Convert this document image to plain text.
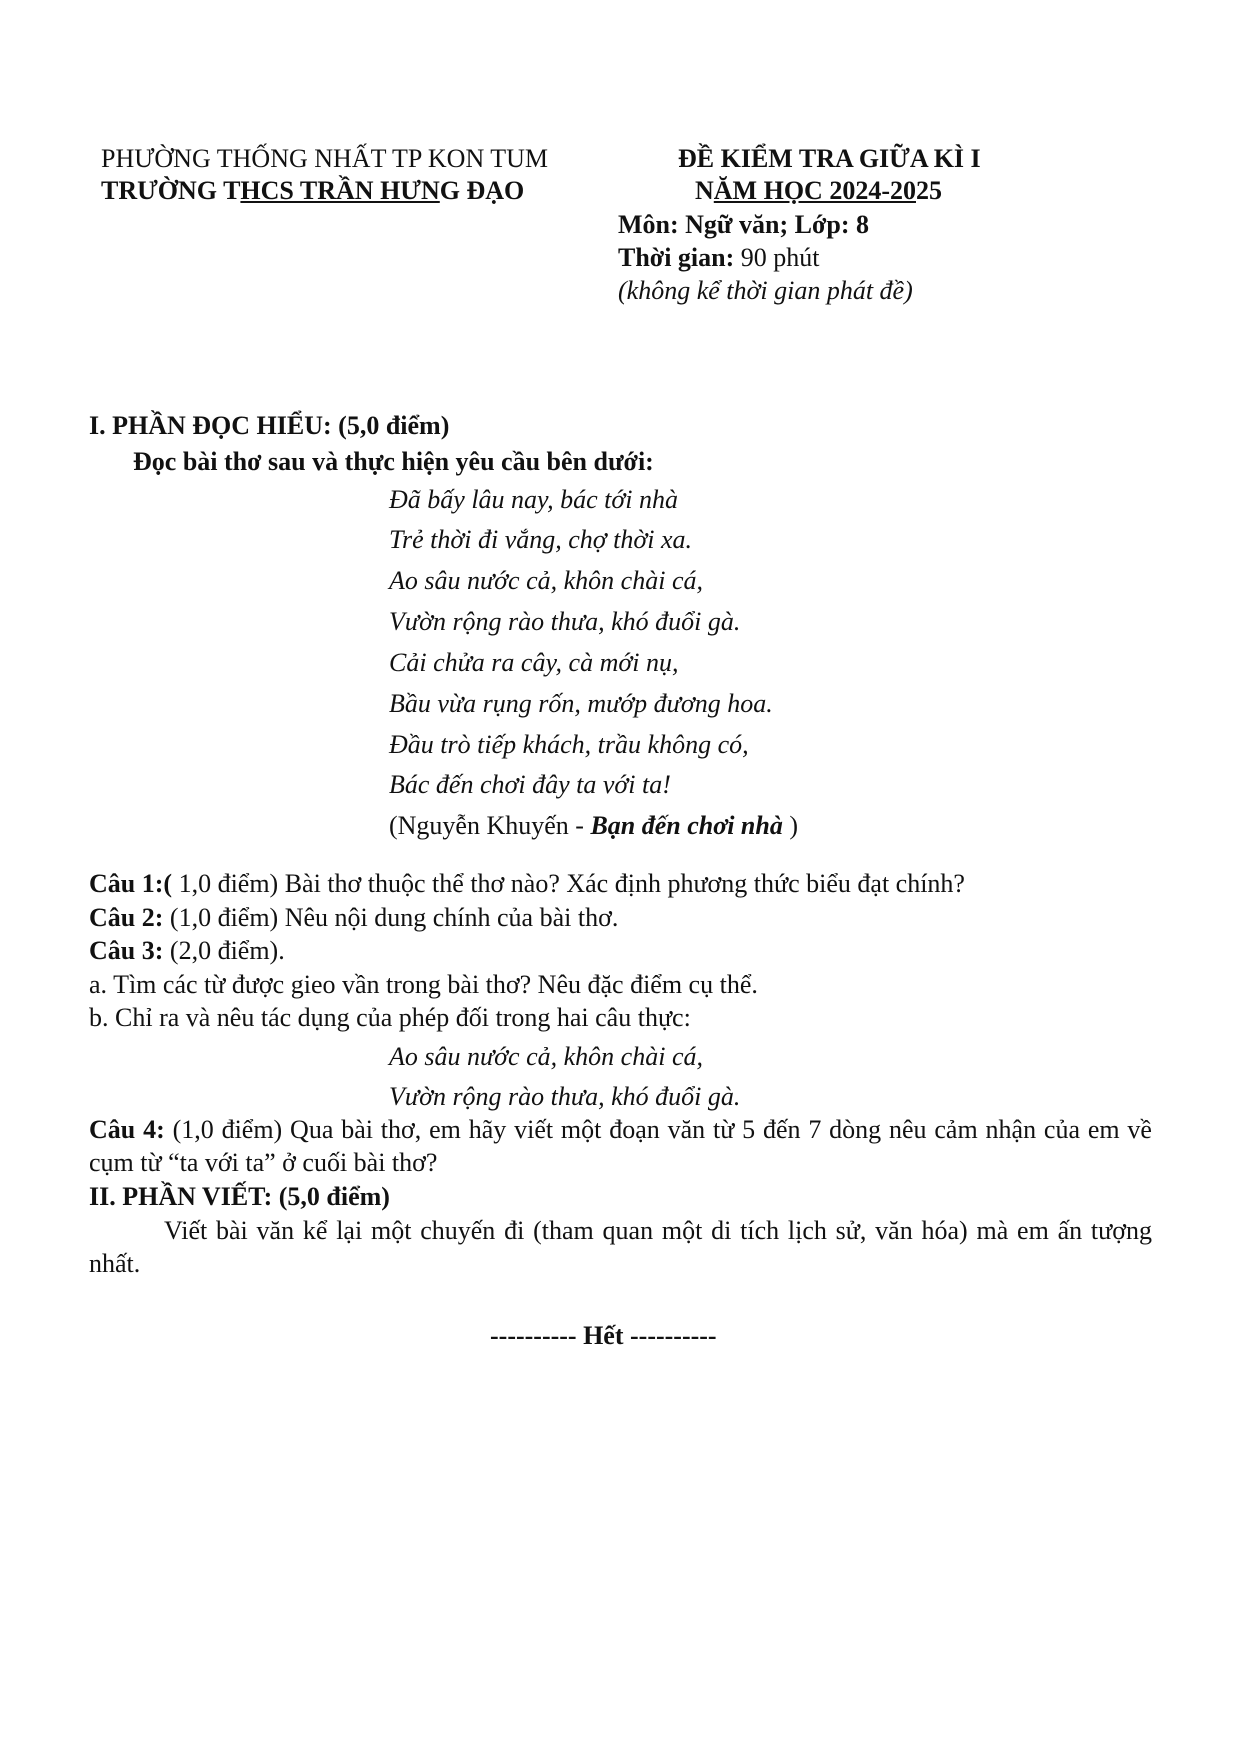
PHƯỜNG THỐNG NHẤT TP KON TUM
TRƯỜNG THCS TRẦN HƯNG ĐẠO
ĐỀ KIỂM TRA GIỮA KÌ I
NĂM HỌC 2024-2025
Môn: Ngữ văn; Lớp: 8
Thời gian: 90 phút
(không kể thời gian phát đề)
I. PHẦN ĐỌC HIỂU: (5,0 điểm)
Đọc bài thơ sau và thực hiện yêu cầu bên dưới:
Đã bấy lâu nay, bác tới nhà
Trẻ thời đi vắng, chợ thời xa.
Ao sâu nước cả, khôn chài cá,
Vườn rộng rào thưa, khó đuổi gà.
Cải chửa ra cây, cà mới nụ,
Bầu vừa rụng rốn, mướp đương hoa.
Đầu trò tiếp khách, trầu không có,
Bác đến chơi đây ta với ta!
(Nguyễn Khuyến - Bạn đến chơi nhà )
Câu 1:( 1,0 điểm) Bài thơ thuộc thể thơ nào? Xác định phương thức biểu đạt chính?
Câu 2: (1,0 điểm) Nêu nội dung chính của bài thơ.
Câu 3: (2,0 điểm).
a. Tìm các từ được gieo vần trong bài thơ? Nêu đặc điểm cụ thể.
b. Chỉ ra và nêu tác dụng của phép đối trong hai câu thực:
Ao sâu nước cả, khôn chài cá,
Vườn rộng rào thưa, khó đuổi gà.
Câu 4: (1,0 điểm) Qua bài thơ, em hãy viết một đoạn văn từ 5 đến 7 dòng nêu cảm nhận của em về cụm từ “ta với ta” ở cuối bài thơ?
II. PHẦN VIẾT: (5,0 điểm)
Viết bài văn kể lại một chuyến đi (tham quan một di tích lịch sử, văn hóa) mà em ấn tượng nhất.
---------- Hết ----------
